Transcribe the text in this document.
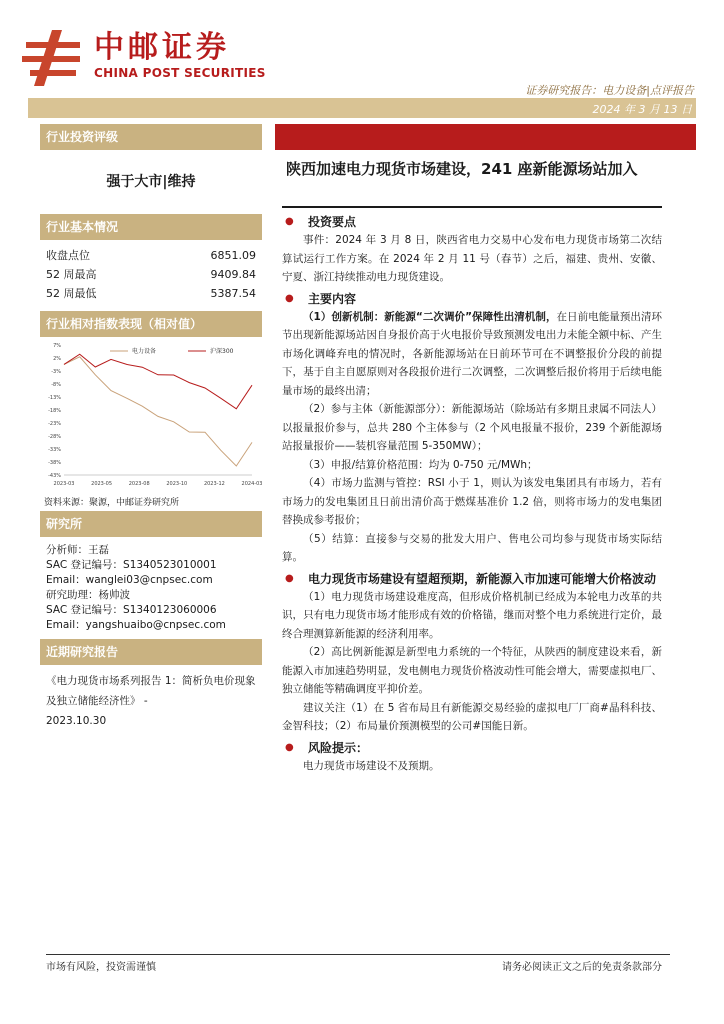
中邮证券
CHINA POST SECURITIES
证券研究报告：电力设备|点评报告
2024 年 3 月 13 日
行业投资评级
强于大市|维持
行业基本情况
收盘点位	6851.09
52 周最高	9409.84
52 周最低	5387.54
行业相对指数表现（相对值）
7%
2%
-3%
-8%
-13%
-18%
-23%
-28%
-33%
-38%
-43%
2023-03	2023-05	2023-08	2023-10	2023-12	2024-03
电力设备	沪深300
资料来源：聚源，中邮证券研究所
研究所
分析师：王磊
SAC 登记编号：S1340523010001
Email：wanglei03@cnpsec.com
研究助理：杨帅波
SAC 登记编号：S1340123060006
Email：yangshuaibo@cnpsec.com
近期研究报告
《电力现货市场系列报告 1：简析负电价现象及独立储能经济性》 -
2023.10.30
陕西加速电力现货市场建设，241 座新能源场站加入
●	投资要点

事件：2024 年 3 月 8 日，陕西省电力交易中心发布电力现货市场第二次结算试运行工作方案。在 2024 年 2 月 11 号（春节）之后，福建、贵州、安徽、宁夏、浙江持续推动电力现货建设。

●	主要内容

（1）创新机制：新能源“二次调价”保障性出清机制，在日前电能量预出清环节出现新能源场站因自身报价高于火电报价导致预测发电出力未能全额中标、产生市场化调峰弃电的情况时，各新能源场站在日前环节可在不调整报价分段的前提下，基于自主自愿原则对各段报价进行二次调整，二次调整后报价将用于后续电能量市场的最终出清；

（2）参与主体（新能源部分）：新能源场站（除场站有多期且隶属不同法人）以报量报价参与，总共 280 个主体参与（2 个风电报量不报价，239 个新能源场站报量报价——装机容量范围 5-350MW）；

（3）申报/结算价格范围：均为 0-750 元/MWh；

（4）市场力监测与管控：RSI 小于 1，则认为该发电集团具有市场力，若有市场力的发电集团且日前出清价高于燃煤基准价 1.2 倍，则将市场力的发电集团替换成参考报价；

（5）结算：直接参与交易的批发大用户、售电公司均参与现货市场实际结算。

●	电力现货市场建设有望超预期，新能源入市加速可能增大价格波动

（1）电力现货市场建设难度高，但形成价格机制已经成为本轮电力改革的共识，只有电力现货市场才能形成有效的价格锚，继而对整个电力系统进行定价，最终合理测算新能源的经济利用率。

（2）高比例新能源是新型电力系统的一个特征，从陕西的制度建设来看，新能源入市加速趋势明显，发电侧电力现货价格波动性可能会增大，需要虚拟电厂、独立储能等精确调度平抑价差。

建议关注（1）在 5 省布局且有新能源交易经验的虚拟电厂厂商#晶科科技、金智科技；（2）布局量价预测模型的公司#国能日新。

●	风险提示：

电力现货市场建设不及预期。

市场有风险，投资需谨慎	请务必阅读正文之后的免责条款部分
